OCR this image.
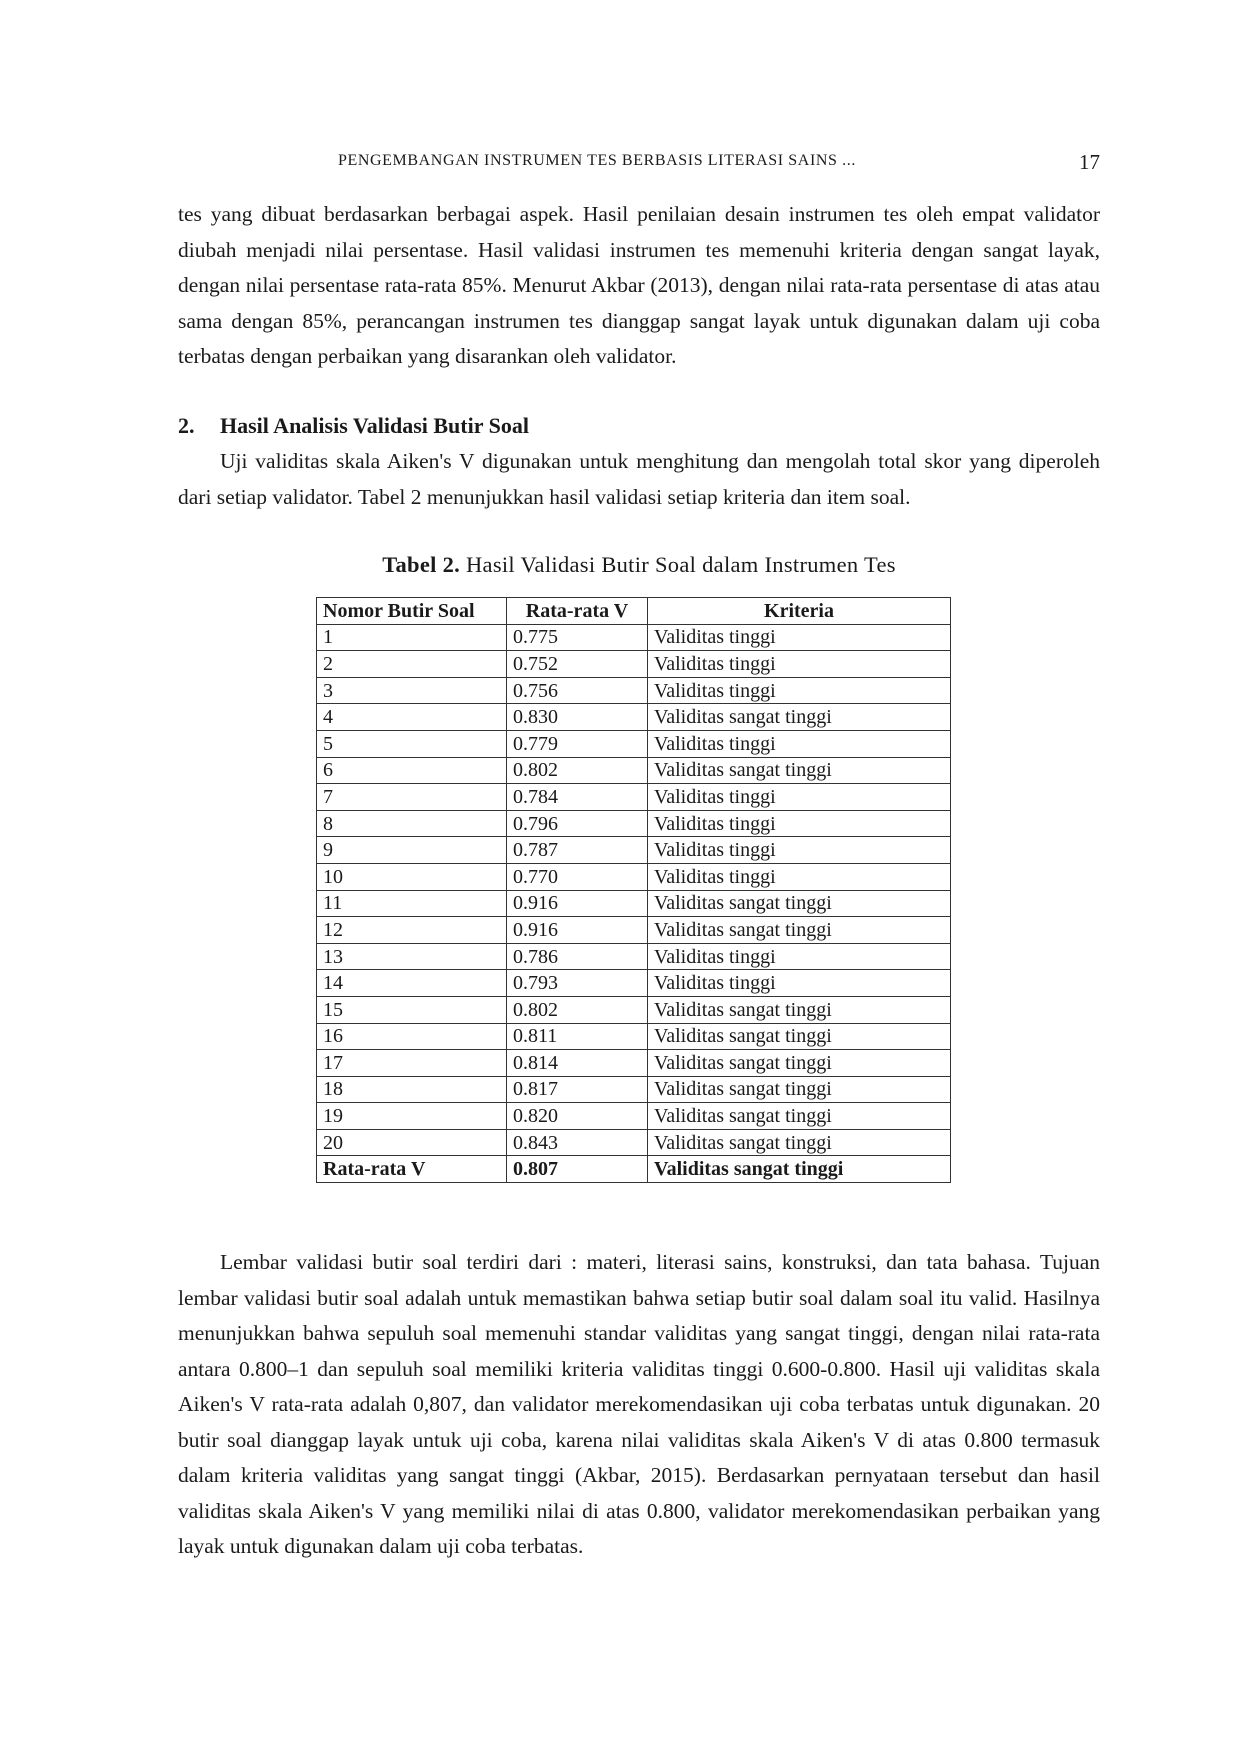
PENGEMBANGAN INSTRUMEN TES BERBASIS LITERASI SAINS ...	17

tes yang dibuat berdasarkan berbagai aspek. Hasil penilaian desain instrumen tes oleh empat validator diubah menjadi nilai persentase. Hasil validasi instrumen tes memenuhi kriteria dengan sangat layak, dengan nilai persentase rata-rata 85%. Menurut Akbar (2013), dengan nilai rata-rata persentase di atas atau sama dengan 85%, perancangan instrumen tes dianggap sangat layak untuk digunakan dalam uji coba terbatas dengan perbaikan yang disarankan oleh validator.

2. Hasil Analisis Validasi Butir Soal

Uji validitas skala Aiken's V digunakan untuk menghitung dan mengolah total skor yang diperoleh dari setiap validator. Tabel 2 menunjukkan hasil validasi setiap kriteria dan item soal.

Tabel 2. Hasil Validasi Butir Soal dalam Instrumen Tes

Nomor Butir Soal	Rata-rata V	Kriteria
1	0.775	Validitas tinggi
2	0.752	Validitas tinggi
3	0.756	Validitas tinggi
4	0.830	Validitas sangat tinggi
5	0.779	Validitas tinggi
6	0.802	Validitas sangat tinggi
7	0.784	Validitas tinggi
8	0.796	Validitas tinggi
9	0.787	Validitas tinggi
10	0.770	Validitas tinggi
11	0.916	Validitas sangat tinggi
12	0.916	Validitas sangat tinggi
13	0.786	Validitas tinggi
14	0.793	Validitas tinggi
15	0.802	Validitas sangat tinggi
16	0.811	Validitas sangat tinggi
17	0.814	Validitas sangat tinggi
18	0.817	Validitas sangat tinggi
19	0.820	Validitas sangat tinggi
20	0.843	Validitas sangat tinggi
Rata-rata V	0.807	Validitas sangat tinggi

Lembar validasi butir soal terdiri dari : materi, literasi sains, konstruksi, dan tata bahasa. Tujuan lembar validasi butir soal adalah untuk memastikan bahwa setiap butir soal dalam soal itu valid. Hasilnya menunjukkan bahwa sepuluh soal memenuhi standar validitas yang sangat tinggi, dengan nilai rata-rata antara 0.800–1 dan sepuluh soal memiliki kriteria validitas tinggi 0.600-0.800. Hasil uji validitas skala Aiken's V rata-rata adalah 0,807, dan validator merekomendasikan uji coba terbatas untuk digunakan. 20 butir soal dianggap layak untuk uji coba, karena nilai validitas skala Aiken's V di atas 0.800 termasuk dalam kriteria validitas yang sangat tinggi (Akbar, 2015). Berdasarkan pernyataan tersebut dan hasil validitas skala Aiken's V yang memiliki nilai di atas 0.800, validator merekomendasikan perbaikan yang layak untuk digunakan dalam uji coba terbatas.
